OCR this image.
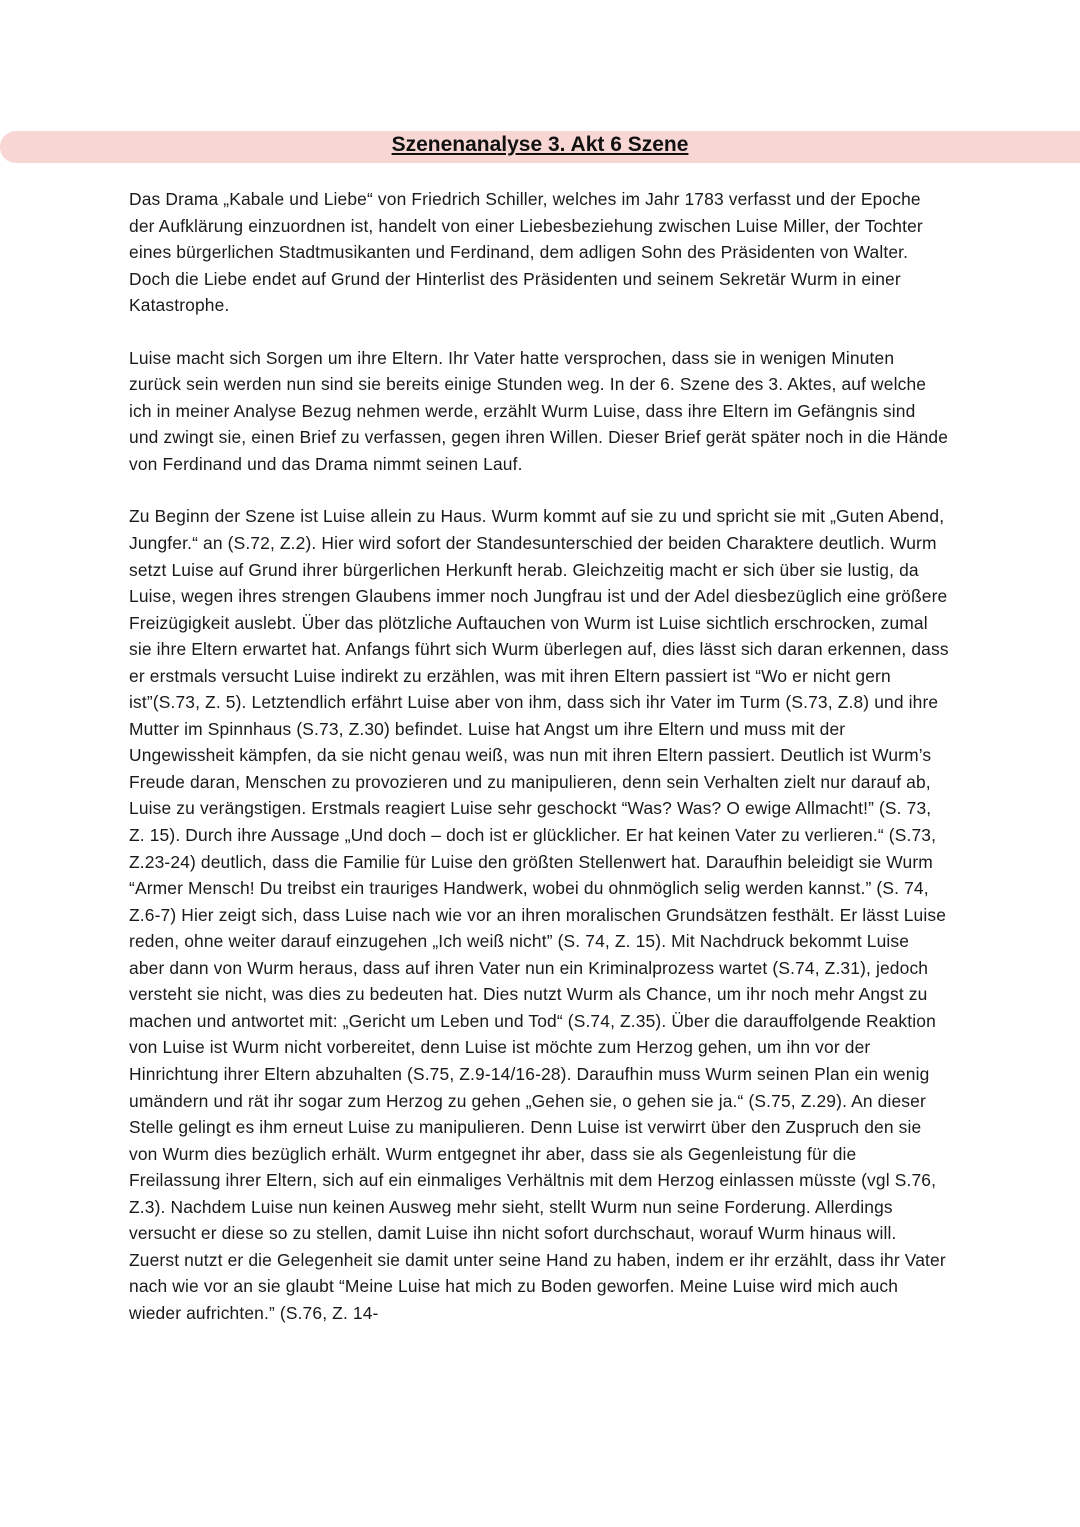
Szenenanalyse 3. Akt 6 Szene

Das Drama „Kabale und Liebe“ von Friedrich Schiller, welches im Jahr 1783 verfasst und der Epoche der Aufklärung einzuordnen ist, handelt von einer Liebesbeziehung zwischen Luise Miller, der Tochter eines bürgerlichen Stadtmusikanten und Ferdinand, dem adligen Sohn des Präsidenten von Walter. Doch die Liebe endet auf Grund der Hinterlist des Präsidenten und seinem Sekretär Wurm in einer Katastrophe.

Luise macht sich Sorgen um ihre Eltern. Ihr Vater hatte versprochen, dass sie in wenigen Minuten zurück sein werden nun sind sie bereits einige Stunden weg. In der 6. Szene des 3. Aktes, auf welche ich in meiner Analyse Bezug nehmen werde, erzählt Wurm Luise, dass ihre Eltern im Gefängnis sind und zwingt sie, einen Brief zu verfassen, gegen ihren Willen. Dieser Brief gerät später noch in die Hände von Ferdinand und das Drama nimmt seinen Lauf.

Zu Beginn der Szene ist Luise allein zu Haus. Wurm kommt auf sie zu und spricht sie mit „Guten Abend, Jungfer.“ an (S.72, Z.2). Hier wird sofort der Standesunterschied der beiden Charaktere deutlich. Wurm setzt Luise auf Grund ihrer bürgerlichen Herkunft herab. Gleichzeitig macht er sich über sie lustig, da Luise, wegen ihres strengen Glaubens immer noch Jungfrau ist und der Adel diesbezüglich eine größere Freizügigkeit auslebt. Über das plötzliche Auftauchen von Wurm ist Luise sichtlich erschrocken, zumal sie ihre Eltern erwartet hat. Anfangs führt sich Wurm überlegen auf, dies lässt sich daran erkennen, dass er erstmals versucht Luise indirekt zu erzählen, was mit ihren Eltern passiert ist “Wo er nicht gern ist”(S.73, Z. 5). Letztendlich erfährt Luise aber von ihm, dass sich ihr Vater im Turm (S.73, Z.8) und ihre Mutter im Spinnhaus (S.73, Z.30) befindet. Luise hat Angst um ihre Eltern und muss mit der Ungewissheit kämpfen, da sie nicht genau weiß, was nun mit ihren Eltern passiert. Deutlich ist Wurm’s Freude daran, Menschen zu provozieren und zu manipulieren, denn sein Verhalten zielt nur darauf ab, Luise zu verängstigen. Erstmals reagiert Luise sehr geschockt “Was? Was? O ewige Allmacht!” (S. 73, Z. 15). Durch ihre Aussage „Und doch – doch ist er glücklicher. Er hat keinen Vater zu verlieren.“ (S.73, Z.23-24) deutlich, dass die Familie für Luise den größten Stellenwert hat. Daraufhin beleidigt sie Wurm “Armer Mensch! Du treibst ein trauriges Handwerk, wobei du ohnmöglich selig werden kannst.” (S. 74, Z.6-7) Hier zeigt sich, dass Luise nach wie vor an ihren moralischen Grundsätzen festhält. Er lässt Luise reden, ohne weiter darauf einzugehen „Ich weiß nicht” (S. 74, Z. 15). Mit Nachdruck bekommt Luise aber dann von Wurm heraus, dass auf ihren Vater nun ein Kriminalprozess wartet (S.74, Z.31), jedoch versteht sie nicht, was dies zu bedeuten hat. Dies nutzt Wurm als Chance, um ihr noch mehr Angst zu machen und antwortet mit: „Gericht um Leben und Tod“ (S.74, Z.35). Über die darauffolgende Reaktion von Luise ist Wurm nicht vorbereitet, denn Luise ist möchte zum Herzog gehen, um ihn vor der Hinrichtung ihrer Eltern abzuhalten (S.75, Z.9-14/16-28). Daraufhin muss Wurm seinen Plan ein wenig umändern und rät ihr sogar zum Herzog zu gehen „Gehen sie, o gehen sie ja.“ (S.75, Z.29). An dieser Stelle gelingt es ihm erneut Luise zu manipulieren. Denn Luise ist verwirrt über den Zuspruch den sie von Wurm dies bezüglich erhält. Wurm entgegnet ihr aber, dass sie als Gegenleistung für die Freilassung ihrer Eltern, sich auf ein einmaliges Verhältnis mit dem Herzog einlassen müsste (vgl S.76, Z.3). Nachdem Luise nun keinen Ausweg mehr sieht, stellt Wurm nun seine Forderung. Allerdings versucht er diese so zu stellen, damit Luise ihn nicht sofort durchschaut, worauf Wurm hinaus will. Zuerst nutzt er die Gelegenheit sie damit unter seine Hand zu haben, indem er ihr erzählt, dass ihr Vater nach wie vor an sie glaubt “Meine Luise hat mich zu Boden geworfen. Meine Luise wird mich auch wieder aufrichten.” (S.76, Z. 14-
